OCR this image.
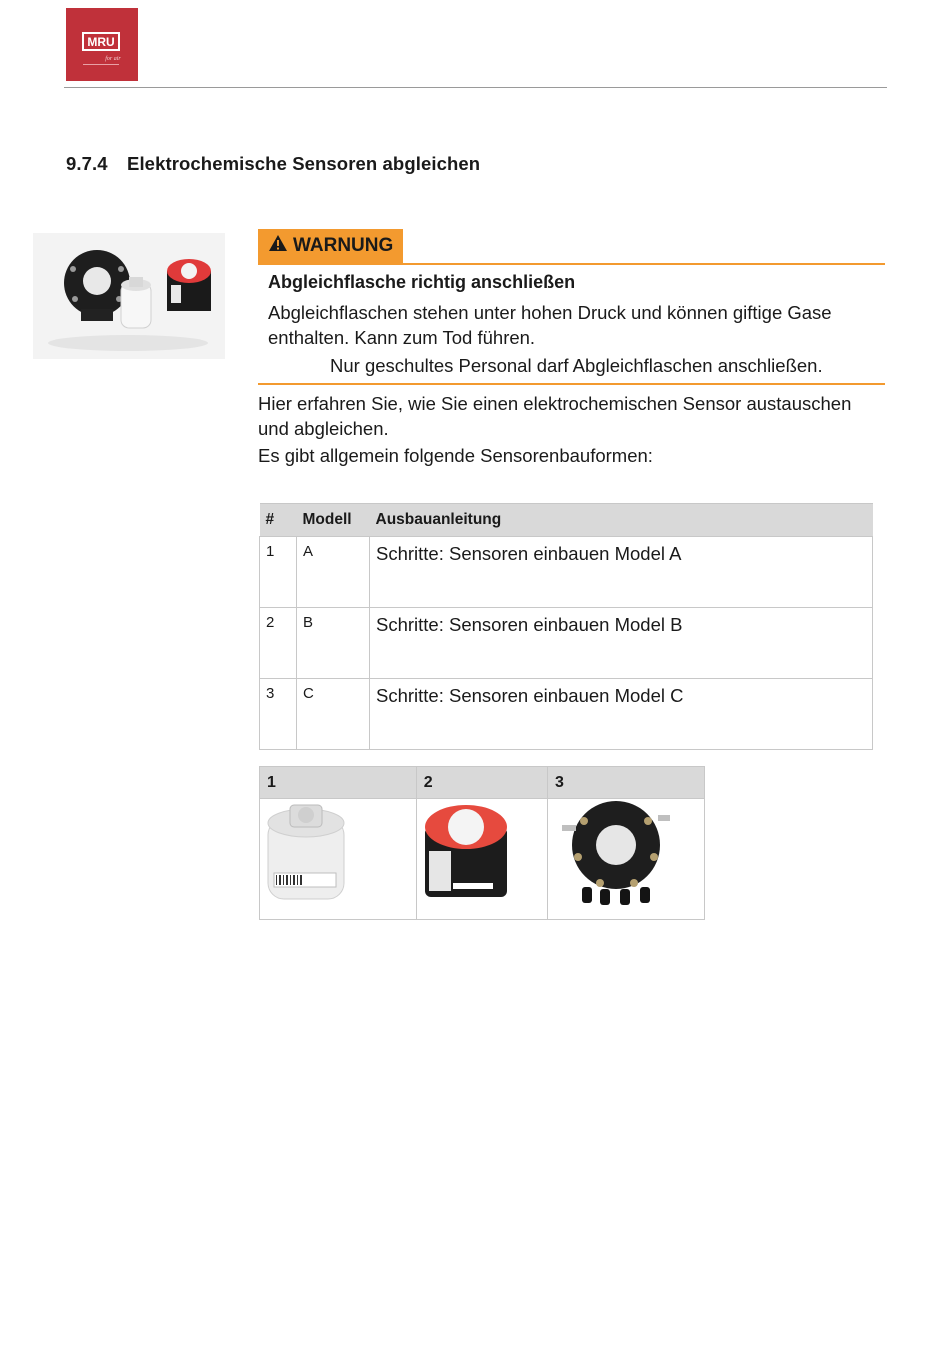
MRU
for air
9.7.4 Elektrochemische Sensoren abgleichen
WARNUNG
Abgleichflasche richtig anschließen
Abgleichflaschen stehen unter hohen Druck und können giftige Gase enthalten. Kann zum Tod führen.
Nur geschultes Personal darf Abgleichflaschen anschließen.
Hier erfahren Sie, wie Sie einen elektrochemischen Sensor austauschen und abgleichen.
Es gibt allgemein folgende Sensorenbauformen:
#	Modell	Ausbauanleitung
1	A	Schritte: Sensoren einbauen Model A
2	B	Schritte: Sensoren einbauen Model B
3	C	Schritte: Sensoren einbauen Model C
1	2	3
